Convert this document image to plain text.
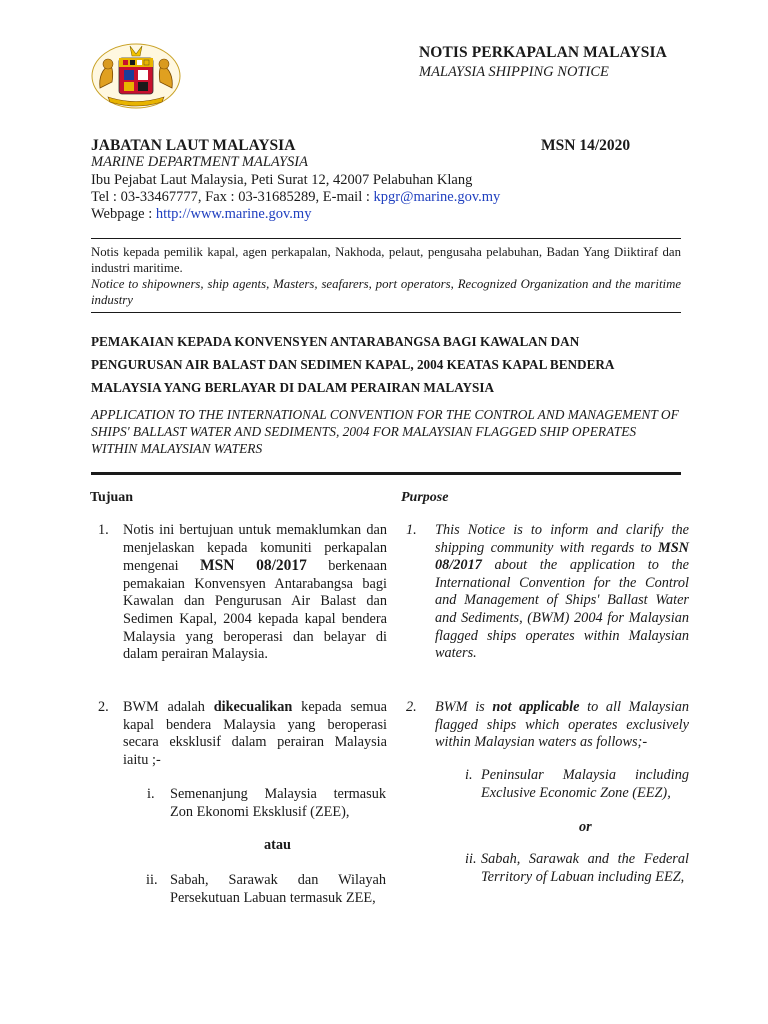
NOTIS PERKAPALAN MALAYSIA
MALAYSIA SHIPPING NOTICE
JABATAN LAUT MALAYSIA	MSN 14/2020
MARINE DEPARTMENT MALAYSIA
Ibu Pejabat Laut Malaysia, Peti Surat 12, 42007 Pelabuhan Klang
Tel : 03-33467777, Fax : 03-31685289, E-mail : kpgr@marine.gov.my
Webpage : http://www.marine.gov.my
Notis kepada pemilik kapal, agen perkapalan, Nakhoda, pelaut, pengusaha pelabuhan, Badan Yang Diiktiraf dan industri maritime.
Notice to shipowners, ship agents, Masters, seafarers, port operators, Recognized Organization and the maritime industry
PEMAKAIAN KEPADA KONVENSYEN ANTARABANGSA BAGI KAWALAN DAN
PENGURUSAN AIR BALAST DAN SEDIMEN KAPAL, 2004 KEATAS KAPAL BENDERA
MALAYSIA YANG BERLAYAR DI DALAM PERAIRAN MALAYSIA
APPLICATION TO THE INTERNATIONAL CONVENTION FOR THE CONTROL AND MANAGEMENT OF SHIPS' BALLAST WATER AND SEDIMENTS, 2004 FOR MALAYSIAN FLAGGED SHIP OPERATES WITHIN MALAYSIAN WATERS
Tujuan	Purpose
1. Notis ini bertujuan untuk memaklumkan dan menjelaskan kepada komuniti perkapalan mengenai MSN 08/2017 berkenaan pemakaian Konvensyen Antarabangsa bagi Kawalan dan Pengurusan Air Balast dan Sedimen Kapal, 2004 kepada kapal bendera Malaysia yang beroperasi dan belayar di dalam perairan Malaysia.
1. This Notice is to inform and clarify the shipping community with regards to MSN 08/2017 about the application to the International Convention for the Control and Management of Ships' Ballast Water and Sediments, (BWM) 2004 for Malaysian flagged ships operates within Malaysian waters.
2. BWM adalah dikecualikan kepada semua kapal bendera Malaysia yang beroperasi secara eksklusif dalam perairan Malaysia iaitu ;-
2. BWM is not applicable to all Malaysian flagged ships which operates exclusively within Malaysian waters as follows;-
i. Semenanjung Malaysia termasuk Zon Ekonomi Eksklusif (ZEE),
atau
ii. Sabah, Sarawak dan Wilayah Persekutuan Labuan termasuk ZEE,
i. Peninsular Malaysia including Exclusive Economic Zone (EEZ),
or
ii. Sabah, Sarawak and the Federal Territory of Labuan including EEZ,
